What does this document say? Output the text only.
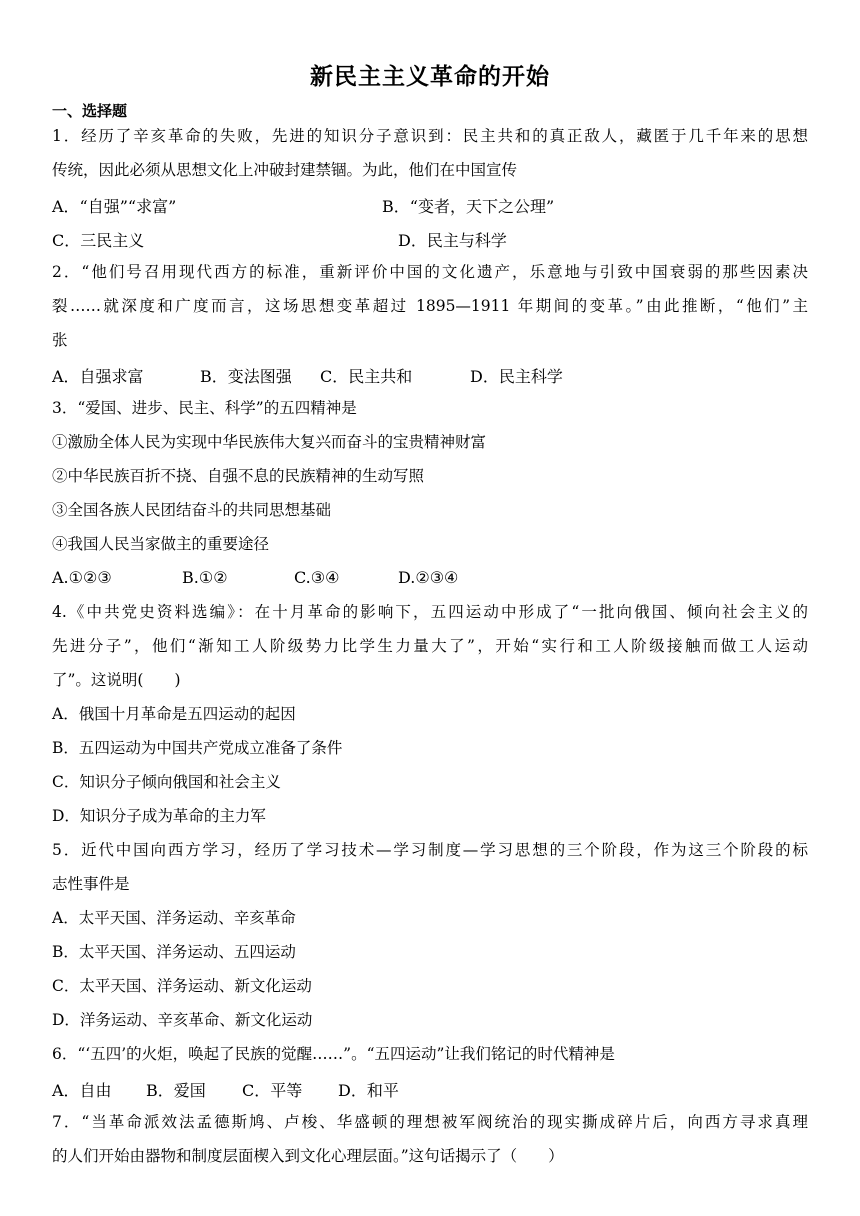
新民主主义革命的开始
一、选择题
1．经历了辛亥革命的失败，先进的知识分子意识到：民主共和的真正敌人，藏匿于几千年来的思想
传统，因此必须从思想文化上冲破封建禁锢。为此，他们在中国宣传
A．“自强”“求富”	B．“变者，天下之公理”
C．三民主义	D．民主与科学
2．“他们号召用现代西方的标准，重新评价中国的文化遗产，乐意地与引致中国衰弱的那些因素决
裂……就深度和广度而言，这场思想变革超过 1895—1911 年期间的变革。”由此推断，“他们”主
张
A．自强求富	B．变法图强 C．民主共和	D．民主科学
3．“爱国、进步、民主、科学”的五四精神是
①激励全体人民为实现中华民族伟大复兴而奋斗的宝贵精神财富
②中华民族百折不挠、自强不息的民族精神的生动写照
③全国各族人民团结奋斗的共同思想基础
④我国人民当家做主的重要途径
A.①②③	B.①②	C.③④	D.②③④
4.《中共党史资料选编》：在十月革命的影响下，五四运动中形成了“一批向俄国、倾向社会主义的
先进分子”，他们“渐知工人阶级势力比学生力量大了”，开始“实行和工人阶级接触而做工人运动
了”。这说明(　　)
A．俄国十月革命是五四运动的起因
B．五四运动为中国共产党成立准备了条件
C．知识分子倾向俄国和社会主义
D．知识分子成为革命的主力军
5．近代中国向西方学习，经历了学习技术—学习制度—学习思想的三个阶段，作为这三个阶段的标
志性事件是
A．太平天国、洋务运动、辛亥革命
B．太平天国、洋务运动、五四运动
C．太平天国、洋务运动、新文化运动
D．洋务运动、辛亥革命、新文化运动
6．“‘五四’的火炬，唤起了民族的觉醒……”。“五四运动”让我们铭记的时代精神是
A．自由 B．爱国 C．平等 D．和平
7．“当革命派效法孟德斯鸠、卢梭、华盛顿的理想被军阀统治的现实撕成碎片后，向西方寻求真理
的人们开始由器物和制度层面楔入到文化心理层面。”这句话揭示了（　　）
